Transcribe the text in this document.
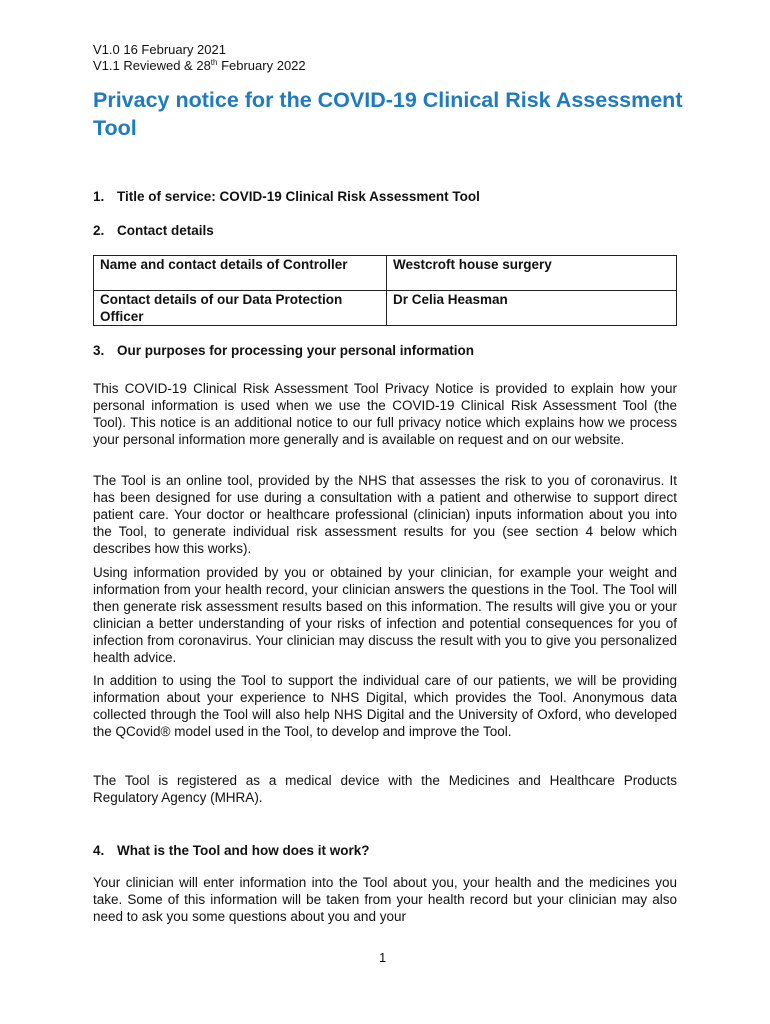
V1.0 16 February 2021
V1.1 Reviewed & 28th February 2022
Privacy notice for the COVID-19 Clinical Risk Assessment Tool

1. Title of service: COVID-19 Clinical Risk Assessment Tool

2. Contact details

Name and contact details of Controller	Westcroft house surgery
Contact details of our Data Protection Officer	Dr Celia Heasman

3. Our purposes for processing your personal information

This COVID-19 Clinical Risk Assessment Tool Privacy Notice is provided to explain how your personal information is used when we use the COVID-19 Clinical Risk Assessment Tool (the Tool). This notice is an additional notice to our full privacy notice which explains how we process your personal information more generally and is available on request and on our website.

The Tool is an online tool, provided by the NHS that assesses the risk to you of coronavirus. It has been designed for use during a consultation with a patient and otherwise to support direct patient care. Your doctor or healthcare professional (clinician) inputs information about you into the Tool, to generate individual risk assessment results for you (see section 4 below which describes how this works).

Using information provided by you or obtained by your clinician, for example your weight and information from your health record, your clinician answers the questions in the Tool. The Tool will then generate risk assessment results based on this information. The results will give you or your clinician a better understanding of your risks of infection and potential consequences for you of infection from coronavirus. Your clinician may discuss the result with you to give you personalized health advice.

In addition to using the Tool to support the individual care of our patients, we will be providing information about your experience to NHS Digital, which provides the Tool. Anonymous data collected through the Tool will also help NHS Digital and the University of Oxford, who developed the QCovid® model used in the Tool, to develop and improve the Tool.

The Tool is registered as a medical device with the Medicines and Healthcare Products Regulatory Agency (MHRA).

4. What is the Tool and how does it work?

Your clinician will enter information into the Tool about you, your health and the medicines you take. Some of this information will be taken from your health record but your clinician may also need to ask you some questions about you and your

1
